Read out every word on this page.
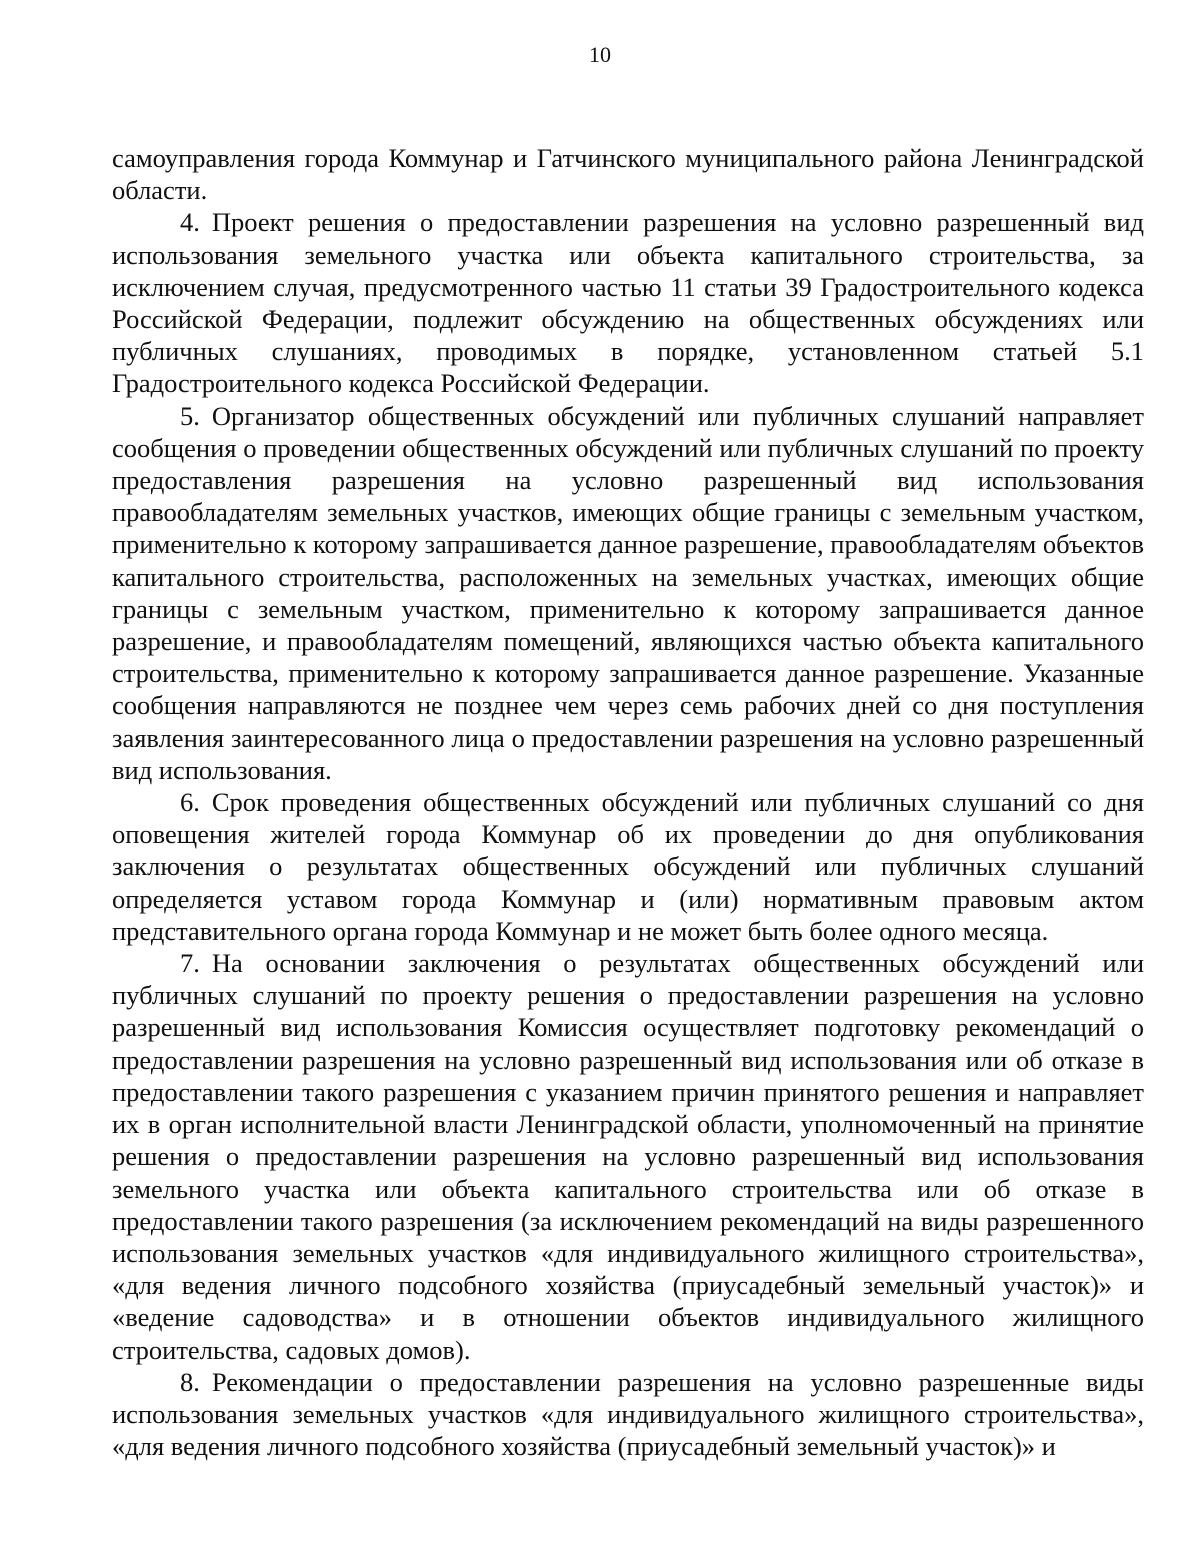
10

самоуправления города Коммунар и Гатчинского муниципального района Ленинградской области.

4. Проект решения о предоставлении разрешения на условно разрешенный вид использования земельного участка или объекта капитального строительства, за исключением случая, предусмотренного частью 11 статьи 39 Градостроительного кодекса Российской Федерации, подлежит обсуждению на общественных обсуждениях или публичных слушаниях, проводимых в порядке, установленном статьей 5.1 Градостроительного кодекса Российской Федерации.

5. Организатор общественных обсуждений или публичных слушаний направляет сообщения о проведении общественных обсуждений или публичных слушаний по проекту предоставления разрешения на условно разрешенный вид использования правообладателям земельных участков, имеющих общие границы с земельным участком, применительно к которому запрашивается данное разрешение, правообладателям объектов капитального строительства, расположенных на земельных участках, имеющих общие границы с земельным участком, применительно к которому запрашивается данное разрешение, и правообладателям помещений, являющихся частью объекта капитального строительства, применительно к которому запрашивается данное разрешение. Указанные сообщения направляются не позднее чем через семь рабочих дней со дня поступления заявления заинтересованного лица о предоставлении разрешения на условно разрешенный вид использования.

6. Срок проведения общественных обсуждений или публичных слушаний со дня оповещения жителей города Коммунар об их проведении до дня опубликования заключения о результатах общественных обсуждений или публичных слушаний определяется уставом города Коммунар и (или) нормативным правовым актом представительного органа города Коммунар и не может быть более одного месяца.

7. На основании заключения о результатах общественных обсуждений или публичных слушаний по проекту решения о предоставлении разрешения на условно разрешенный вид использования Комиссия осуществляет подготовку рекомендаций о предоставлении разрешения на условно разрешенный вид использования или об отказе в предоставлении такого разрешения с указанием причин принятого решения и направляет их в орган исполнительной власти Ленинградской области, уполномоченный на принятие решения о предоставлении разрешения на условно разрешенный вид использования земельного участка или объекта капитального строительства или об отказе в предоставлении такого разрешения (за исключением рекомендаций на виды разрешенного использования земельных участков «для индивидуального жилищного строительства», «для ведения личного подсобного хозяйства (приусадебный земельный участок)» и «ведение садоводства» и в отношении объектов индивидуального жилищного строительства, садовых домов).

8. Рекомендации о предоставлении разрешения на условно разрешенные виды использования земельных участков «для индивидуального жилищного строительства», «для ведения личного подсобного хозяйства (приусадебный земельный участок)» и
